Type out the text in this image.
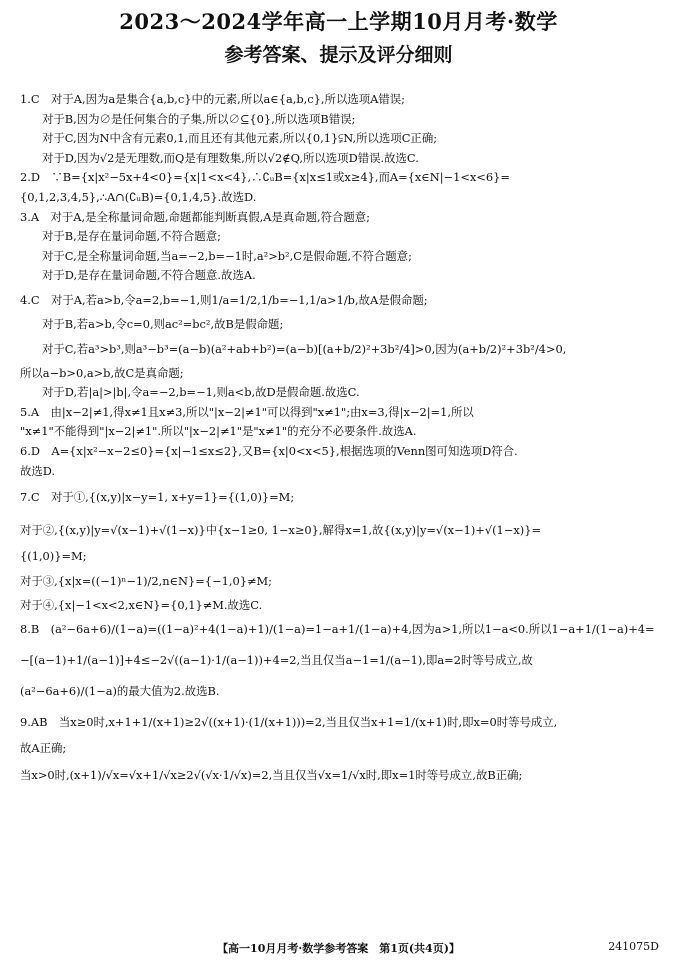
2023～2024学年高一上学期10月月考·数学
参考答案、提示及评分细则
1.C　对于A,因为a是集合{a,b,c}中的元素,所以a∈{a,b,c},所以选项A错误;
对于B,因为∅是任何集合的子集,所以∅⊆{0},所以选项B错误;
对于C,因为N中含有元素0,1,而且还有其他元素,所以{0,1}⫋N,所以选项C正确;
对于D,因为√2是无理数,而Q是有理数集,所以√2∉Q,所以选项D错误.故选C.
2.D　∵B={x|x²−5x+4<0}={x|1<x<4},∴∁ᵤB={x|x≤1或x≥4},而A={x∈N|−1<x<6}=
{0,1,2,3,4,5},∴A∩(∁ᵤB)={0,1,4,5}.故选D.
3.A　对于A,是全称量词命题,命题都能判断真假,A是真命题,符合题意;
对于B,是存在量词命题,不符合题意;
对于C,是全称量词命题,当a=−2,b=−1时,a²>b²,C是假命题,不符合题意;
对于D,是存在量词命题,不符合题意.故选A.
4.C　对于A,若a>b,令a=2,b=−1,则1/a=1/2,1/b=−1,1/a>1/b,故A是假命题;
对于B,若a>b,令c=0,则ac²=bc²,故B是假命题;
对于C,若a³>b³,则a³−b³=(a−b)(a²+ab+b²)=(a−b)[(a+b/2)²+3b²/4]>0,因为(a+b/2)²+3b²/4>0,
所以a−b>0,a>b,故C是真命题;
对于D,若|a|>|b|,令a=−2,b=−1,则a<b,故D是假命题.故选C.
5.A　由|x−2|≠1,得x≠1且x≠3,所以"|x−2|≠1"可以得到"x≠1";由x=3,得|x−2|=1,所以
"x≠1"不能得到"|x−2|≠1".所以"|x−2|≠1"是"x≠1"的充分不必要条件.故选A.
6.D　A={x|x²−x−2≤0}={x|−1≤x≤2},又B={x|0<x<5},根据选项的Venn图可知选项D符合.
故选D.
7.C　对于①,{(x,y)|x−y=1, x+y=1}={(1,0)}=M;
对于②,{(x,y)|y=√(x−1)+√(1−x)}中{x−1≥0, 1−x≥0},解得x=1,故{(x,y)|y=√(x−1)+√(1−x)}=
{(1,0)}=M;
对于③,{x|x=((−1)ⁿ−1)/2,n∈N}={−1,0}≠M;
对于④,{x|−1<x<2,x∈N}={0,1}≠M.故选C.
8.B　(a²−6a+6)/(1−a)=((1−a)²+4(1−a)+1)/(1−a)=1−a+1/(1−a)+4,因为a>1,所以1−a<0.所以1−a+1/(1−a)+4=
−[(a−1)+1/(a−1)]+4≤−2√((a−1)·1/(a−1))+4=2,当且仅当a−1=1/(a−1),即a=2时等号成立,故
(a²−6a+6)/(1−a)的最大值为2.故选B.
9.AB　当x≥0时,x+1+1/(x+1)≥2√((x+1)·(1/(x+1)))=2,当且仅当x+1=1/(x+1)时,即x=0时等号成立,
故A正确;
当x>0时,(x+1)/√x=√x+1/√x≥2√(√x·1/√x)=2,当且仅当√x=1/√x时,即x=1时等号成立,故B正确;
【高一10月月考·数学参考答案　第1页(共4页)】	241075D
